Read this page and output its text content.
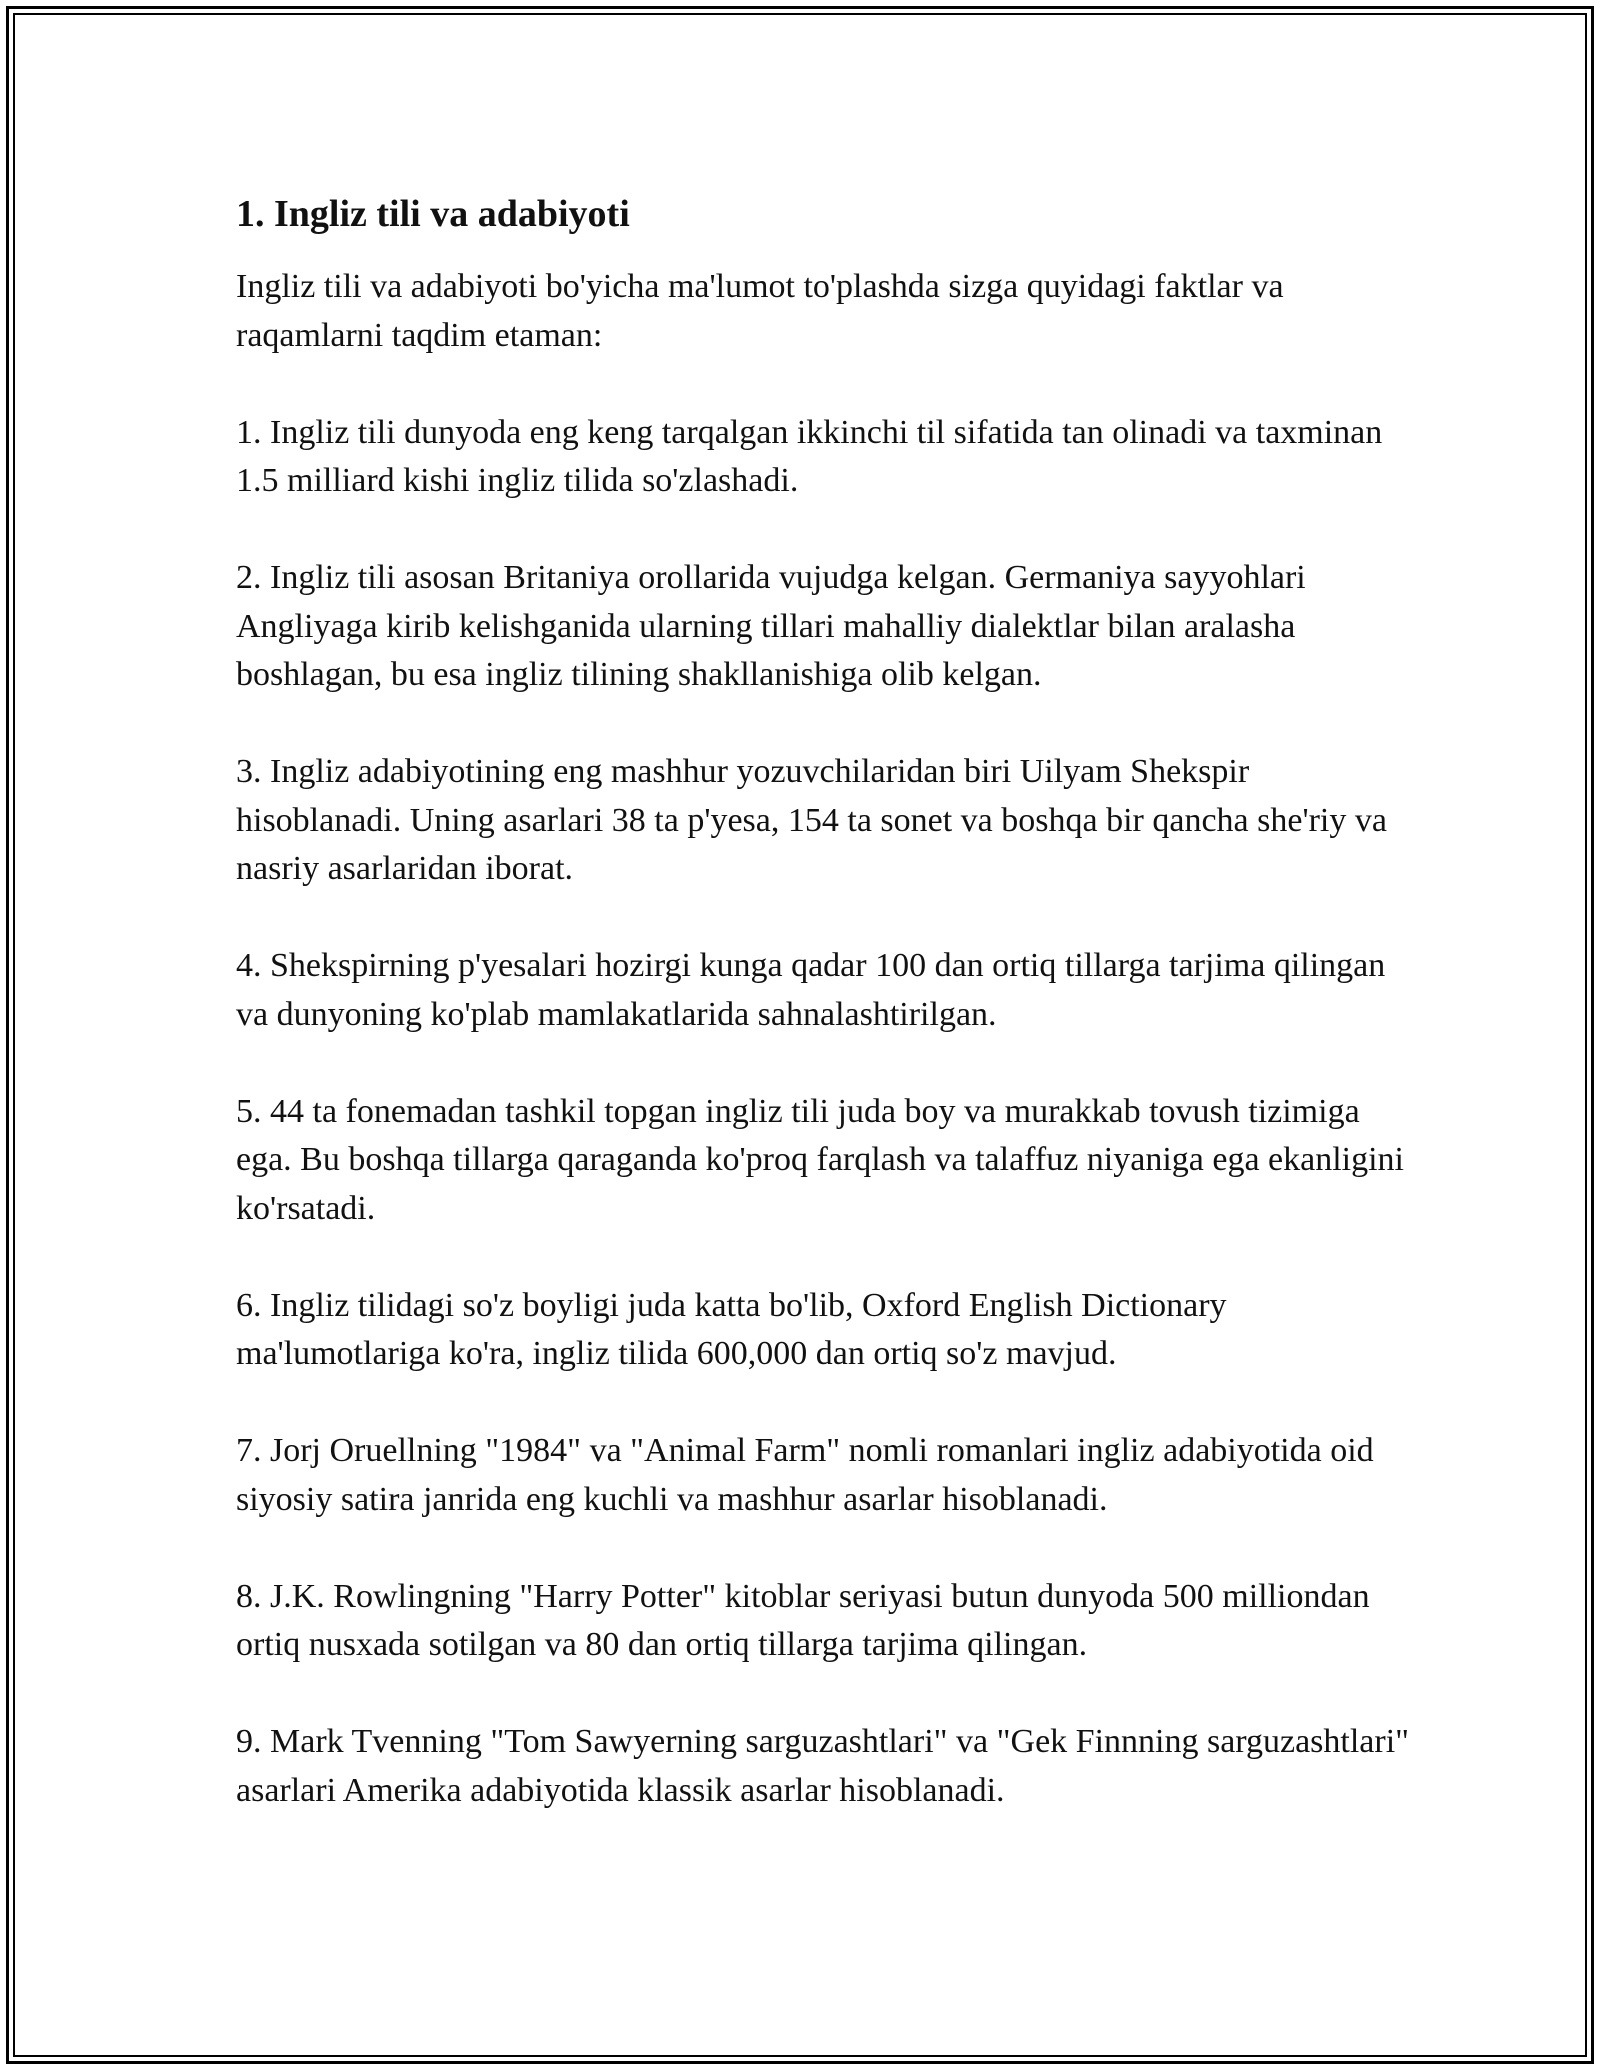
1. Ingliz tili va adabiyoti

Ingliz tili va adabiyoti bo'yicha ma'lumot to'plashda sizga quyidagi faktlar va raqamlarni taqdim etaman:

1. Ingliz tili dunyoda eng keng tarqalgan ikkinchi til sifatida tan olinadi va taxminan 1.5 milliard kishi ingliz tilida so'zlashadi.

2. Ingliz tili asosan Britaniya orollarida vujudga kelgan. Germaniya sayyohlari Angliyaga kirib kelishganida ularning tillari mahalliy dialektlar bilan aralasha boshlagan, bu esa ingliz tilining shakllanishiga olib kelgan.

3. Ingliz adabiyotining eng mashhur yozuvchilaridan biri Uilyam Shekspir hisoblanadi. Uning asarlari 38 ta p'yesa, 154 ta sonet va boshqa bir qancha she'riy va nasriy asarlaridan iborat.

4. Shekspirning p'yesalari hozirgi kunga qadar 100 dan ortiq tillarga tarjima qilingan va dunyoning ko'plab mamlakatlarida sahnalashtirilgan.

5. 44 ta fonemadan tashkil topgan ingliz tili juda boy va murakkab tovush tizimiga ega. Bu boshqa tillarga qaraganda ko'proq farqlash va talaffuz niyaniga ega ekanligini ko'rsatadi.

6. Ingliz tilidagi so'z boyligi juda katta bo'lib, Oxford English Dictionary ma'lumotlariga ko'ra, ingliz tilida 600,000 dan ortiq so'z mavjud.

7. Jorj Oruellning "1984" va "Animal Farm" nomli romanlari ingliz adabiyotida oid siyosiy satira janrida eng kuchli va mashhur asarlar hisoblanadi.

8. J.K. Rowlingning "Harry Potter" kitoblar seriyasi butun dunyoda 500 milliondan ortiq nusxada sotilgan va 80 dan ortiq tillarga tarjima qilingan.

9. Mark Tvenning "Tom Sawyerning sarguzashtlari" va "Gek Finnning sarguzashtlari" asarlari Amerika adabiyotida klassik asarlar hisoblanadi.
